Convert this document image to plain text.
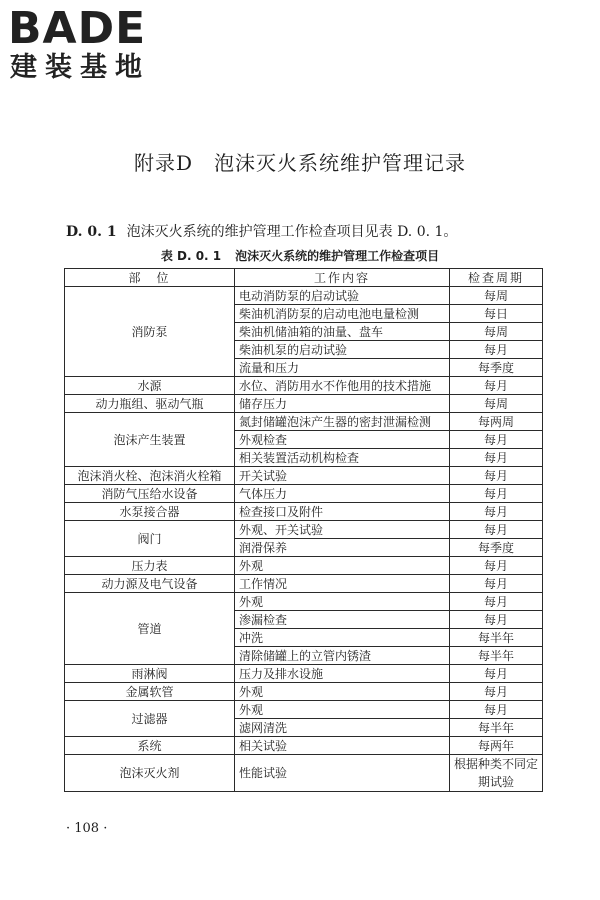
BADE
建装基地
附录D　泡沫灭火系统维护管理记录
D. 0. 1 泡沫灭火系统的维护管理工作检查项目见表 D. 0. 1。
表 D. 0. 1 泡沫灭火系统的维护管理工作检查项目
部　位	工作内容	检查周期
消防泵	电动消防泵的启动试验	每周
	柴油机消防泵的启动电池电量检测	每日
	柴油机储油箱的油量、盘车	每周
	柴油机泵的启动试验	每月
	流量和压力	每季度
水源	水位、消防用水不作他用的技术措施	每月
动力瓶组、驱动气瓶	储存压力	每周
泡沫产生装置	氮封储罐泡沫产生器的密封泄漏检测	每两周
	外观检查	每月
	相关装置活动机构检查	每月
泡沫消火栓、泡沫消火栓箱	开关试验	每月
消防气压给水设备	气体压力	每月
水泵接合器	检查接口及附件	每月
阀门	外观、开关试验	每月
	润滑保养	每季度
压力表	外观	每月
动力源及电气设备	工作情况	每月
管道	外观	每月
	渗漏检查	每月
	冲洗	每半年
	清除储罐上的立管内锈渣	每半年
雨淋阀	压力及排水设施	每月
金属软管	外观	每月
过滤器	外观	每月
	滤网清洗	每半年
系统	相关试验	每两年
泡沫灭火剂	性能试验	根据种类不同定期试验
· 108 ·
